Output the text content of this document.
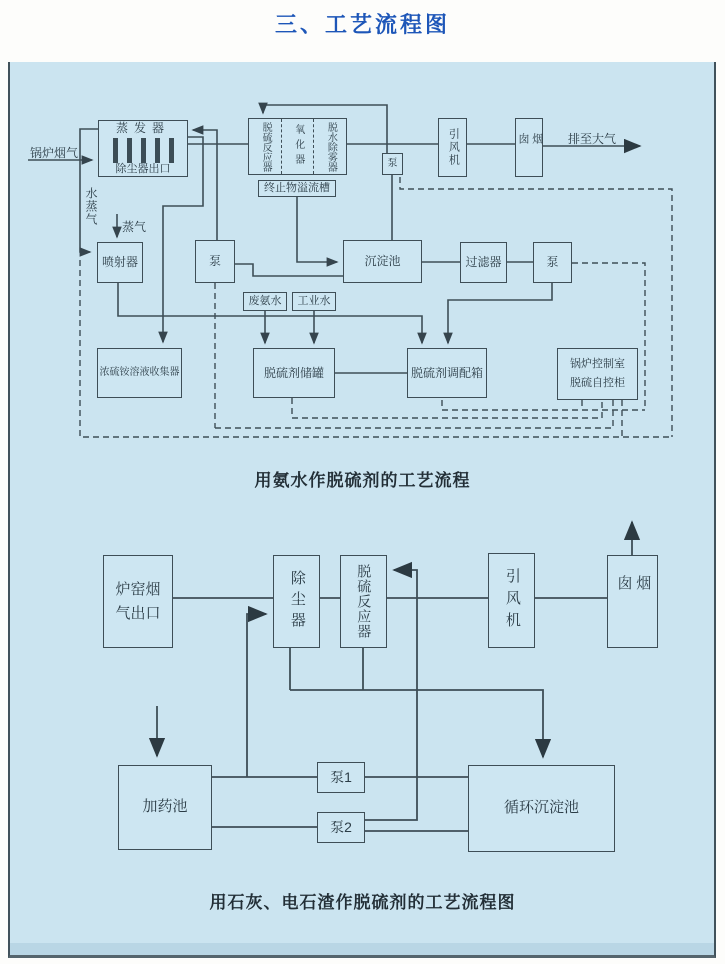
三、工艺流程图
蒸发器
除尘器出口
锅炉烟气
水蒸气
蒸气
喷射器
脱硫反应器 氧化器 脱水除雾器
终止物溢流槽
泵	引风机	烟囱	排至大气
泵	沉淀池	过滤器	泵
废氨水 工业水
浓硫铵溶液收集器	脱硫剂储罐	脱硫剂调配箱
锅炉控制室
脱硫自控柜
用氨水作脱硫剂的工艺流程
炉窑烟气出口	除尘器	脱硫反应器	引风机	烟囱
加药池
泵1
泵2
循环沉淀池
用石灰、电石渣作脱硫剂的工艺流程图
